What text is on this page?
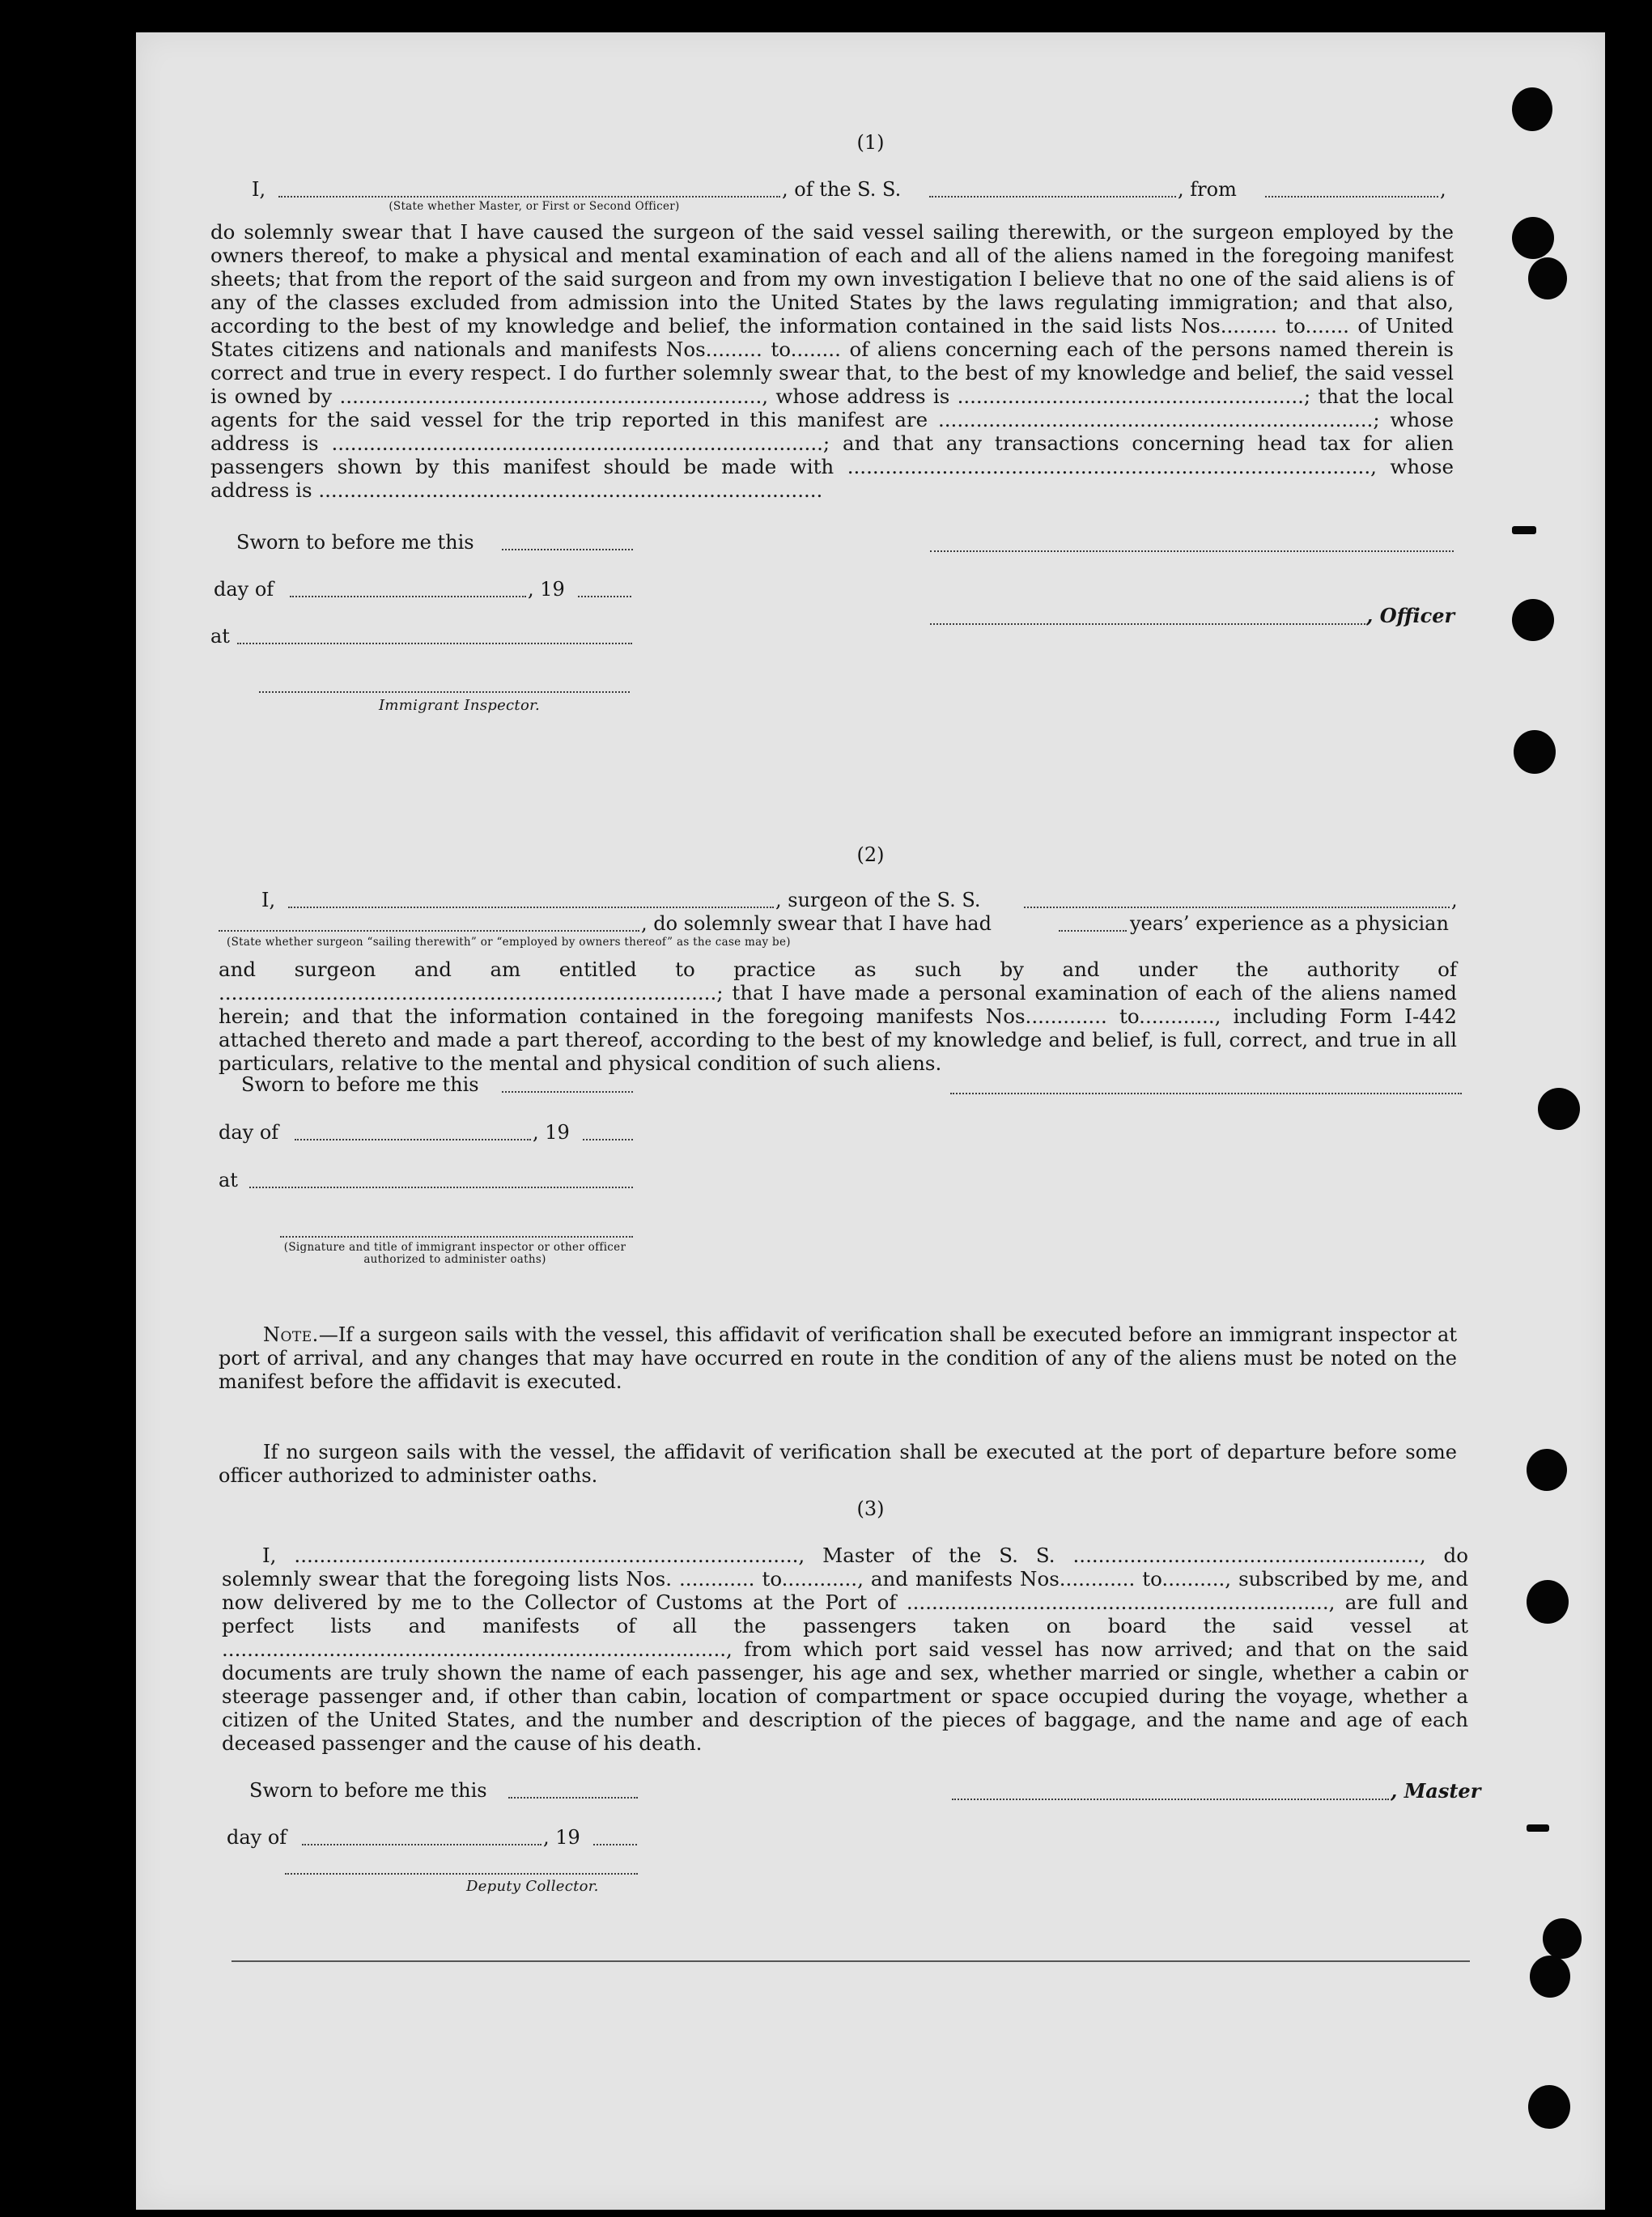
(1)
I,	, of the S. S.	, from	,
(State whether Master, or First or Second Officer)
do solemnly swear that I have caused the surgeon of the said vessel sailing therewith, or the surgeon employed by the owners thereof, to make a physical and mental examination of each and all of the aliens named in the foregoing manifest sheets; that from the report of the said surgeon and from my own investigation I believe that no one of the said aliens is of any of the classes excluded from admission into the United States by the laws regulating immigration; and that also, according to the best of my knowledge and belief, the information contained in the said lists Nos......... to....... of United States citizens and nationals and manifests Nos......... to........ of aliens concerning each of the persons named therein is correct and true in every respect. I do further solemnly swear that, to the best of my knowledge and belief, the said vessel is owned by ..................................................................., whose address is .......................................................; that the local agents for the said vessel for the trip reported in this manifest are .....................................................................; whose address is ..............................................................................; and that any transactions concerning head tax for alien passengers shown by this manifest should be made with ..................................................................................., whose address is ................................................................................
Sworn to before me this
day of	, 19
, Officer
at
Immigrant Inspector.
(2)
I,	, surgeon of the S. S.	,
, do solemnly swear that I have had	years’ experience as a physician
(State whether surgeon “sailing therewith” or “employed by owners thereof” as the case may be)
and surgeon and am entitled to practice as such by and under the authority of ...............................................................................; that I have made a personal examination of each of the aliens named herein; and that the information contained in the foregoing manifests Nos............. to............, including Form I-442 attached thereto and made a part thereof, according to the best of my knowledge and belief, is full, correct, and true in all particulars, relative to the mental and physical condition of such aliens.
Sworn to before me this
day of	, 19
at
(Signature and title of immigrant inspector or other officer authorized to administer oaths)

Note.—If a surgeon sails with the vessel, this affidavit of verification shall be executed before an immigrant inspector at port of arrival, and any changes that may have occurred en route in the condition of any of the aliens must be noted on the manifest before the affidavit is executed.

If no surgeon sails with the vessel, the affidavit of verification shall be executed at the port of departure before some officer authorized to administer oaths.

(3)
I, ................................................................................, Master of the S. S. ......................................................., do solemnly swear that the foregoing lists Nos. ............ to............, and manifests Nos............ to.........., subscribed by me, and now delivered by me to the Collector of Customs at the Port of ..................................................................., are full and perfect lists and manifests of all the passengers taken on board the said vessel at ................................................................................, from which port said vessel has now arrived; and that on the said documents are truly shown the name of each passenger, his age and sex, whether married or single, whether a cabin or steerage passenger and, if other than cabin, location of compartment or space occupied during the voyage, whether a citizen of the United States, and the number and description of the pieces of baggage, and the name and age of each deceased passenger and the cause of his death.
Sworn to before me this	, Master
day of	, 19
Deputy Collector.
